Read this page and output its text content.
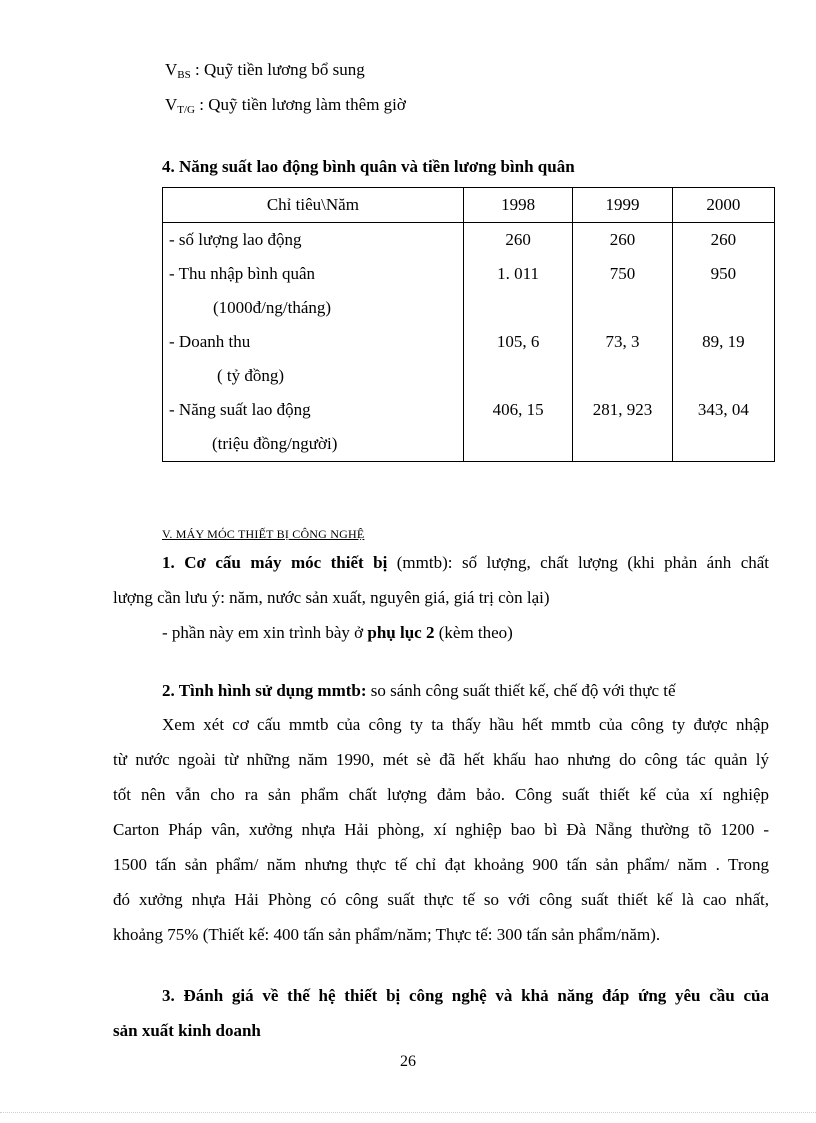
$V_{BS}$ : Quỹ tiền lương bổ sung
$V_{T/G}$ : Quỹ tiền lương làm thêm giờ
4. Năng suất lao động bình quân và tiền lương bình quân
Chỉ tiêu\Năm	1998	1999	2000
- số lượng lao động	260	260	260
- Thu nhập bình quân	1. 011	750	950
(1000đ/ng/tháng)			
- Doanh thu	105, 6	73, 3	89, 19
( tỷ đồng)			
- Năng suất lao động	406, 15	281, 923	343, 04
(triệu đồng/người)			
V. MÁY MÓC THIẾT BỊ CÔNG NGHỆ
1. Cơ cấu máy móc thiết bị (mmtb): số lượng, chất lượng (khi phản ánh chất
lượng cần lưu ý: năm, nước sản xuất, nguyên giá, giá trị còn lại)
- phần này em xin trình bày ở phụ lục 2 (kèm theo)
2. Tình hình sử dụng mmtb: so sánh công suất thiết kế, chế độ với thực tế
Xem xét cơ cấu mmtb của công ty ta thấy hầu hết mmtb của công ty được nhập
từ nước ngoài từ những năm 1990, mét sè đã hết khấu hao nhưng do công tác quản lý
tốt nên vẫn cho ra sản phẩm chất lượng đảm bảo. Công suất thiết kế của xí nghiệp
Carton Pháp vân, xưởng nhựa Hải phòng, xí nghiệp bao bì Đà Nẵng thường tõ 1200 -
1500 tấn sản phẩm/ năm nhưng thực tế chỉ đạt khoảng 900 tấn sản phẩm/ năm . Trong
đó xưởng nhựa Hải Phòng có công suất thực tế so với công suất thiết kế là cao nhất,
khoảng 75% (Thiết kế: 400 tấn sản phẩm/năm; Thực tế: 300 tấn sản phẩm/năm).
3. Đánh giá về thế hệ thiết bị công nghệ và khả năng đáp ứng yêu cầu của
sản xuất kinh doanh
26
